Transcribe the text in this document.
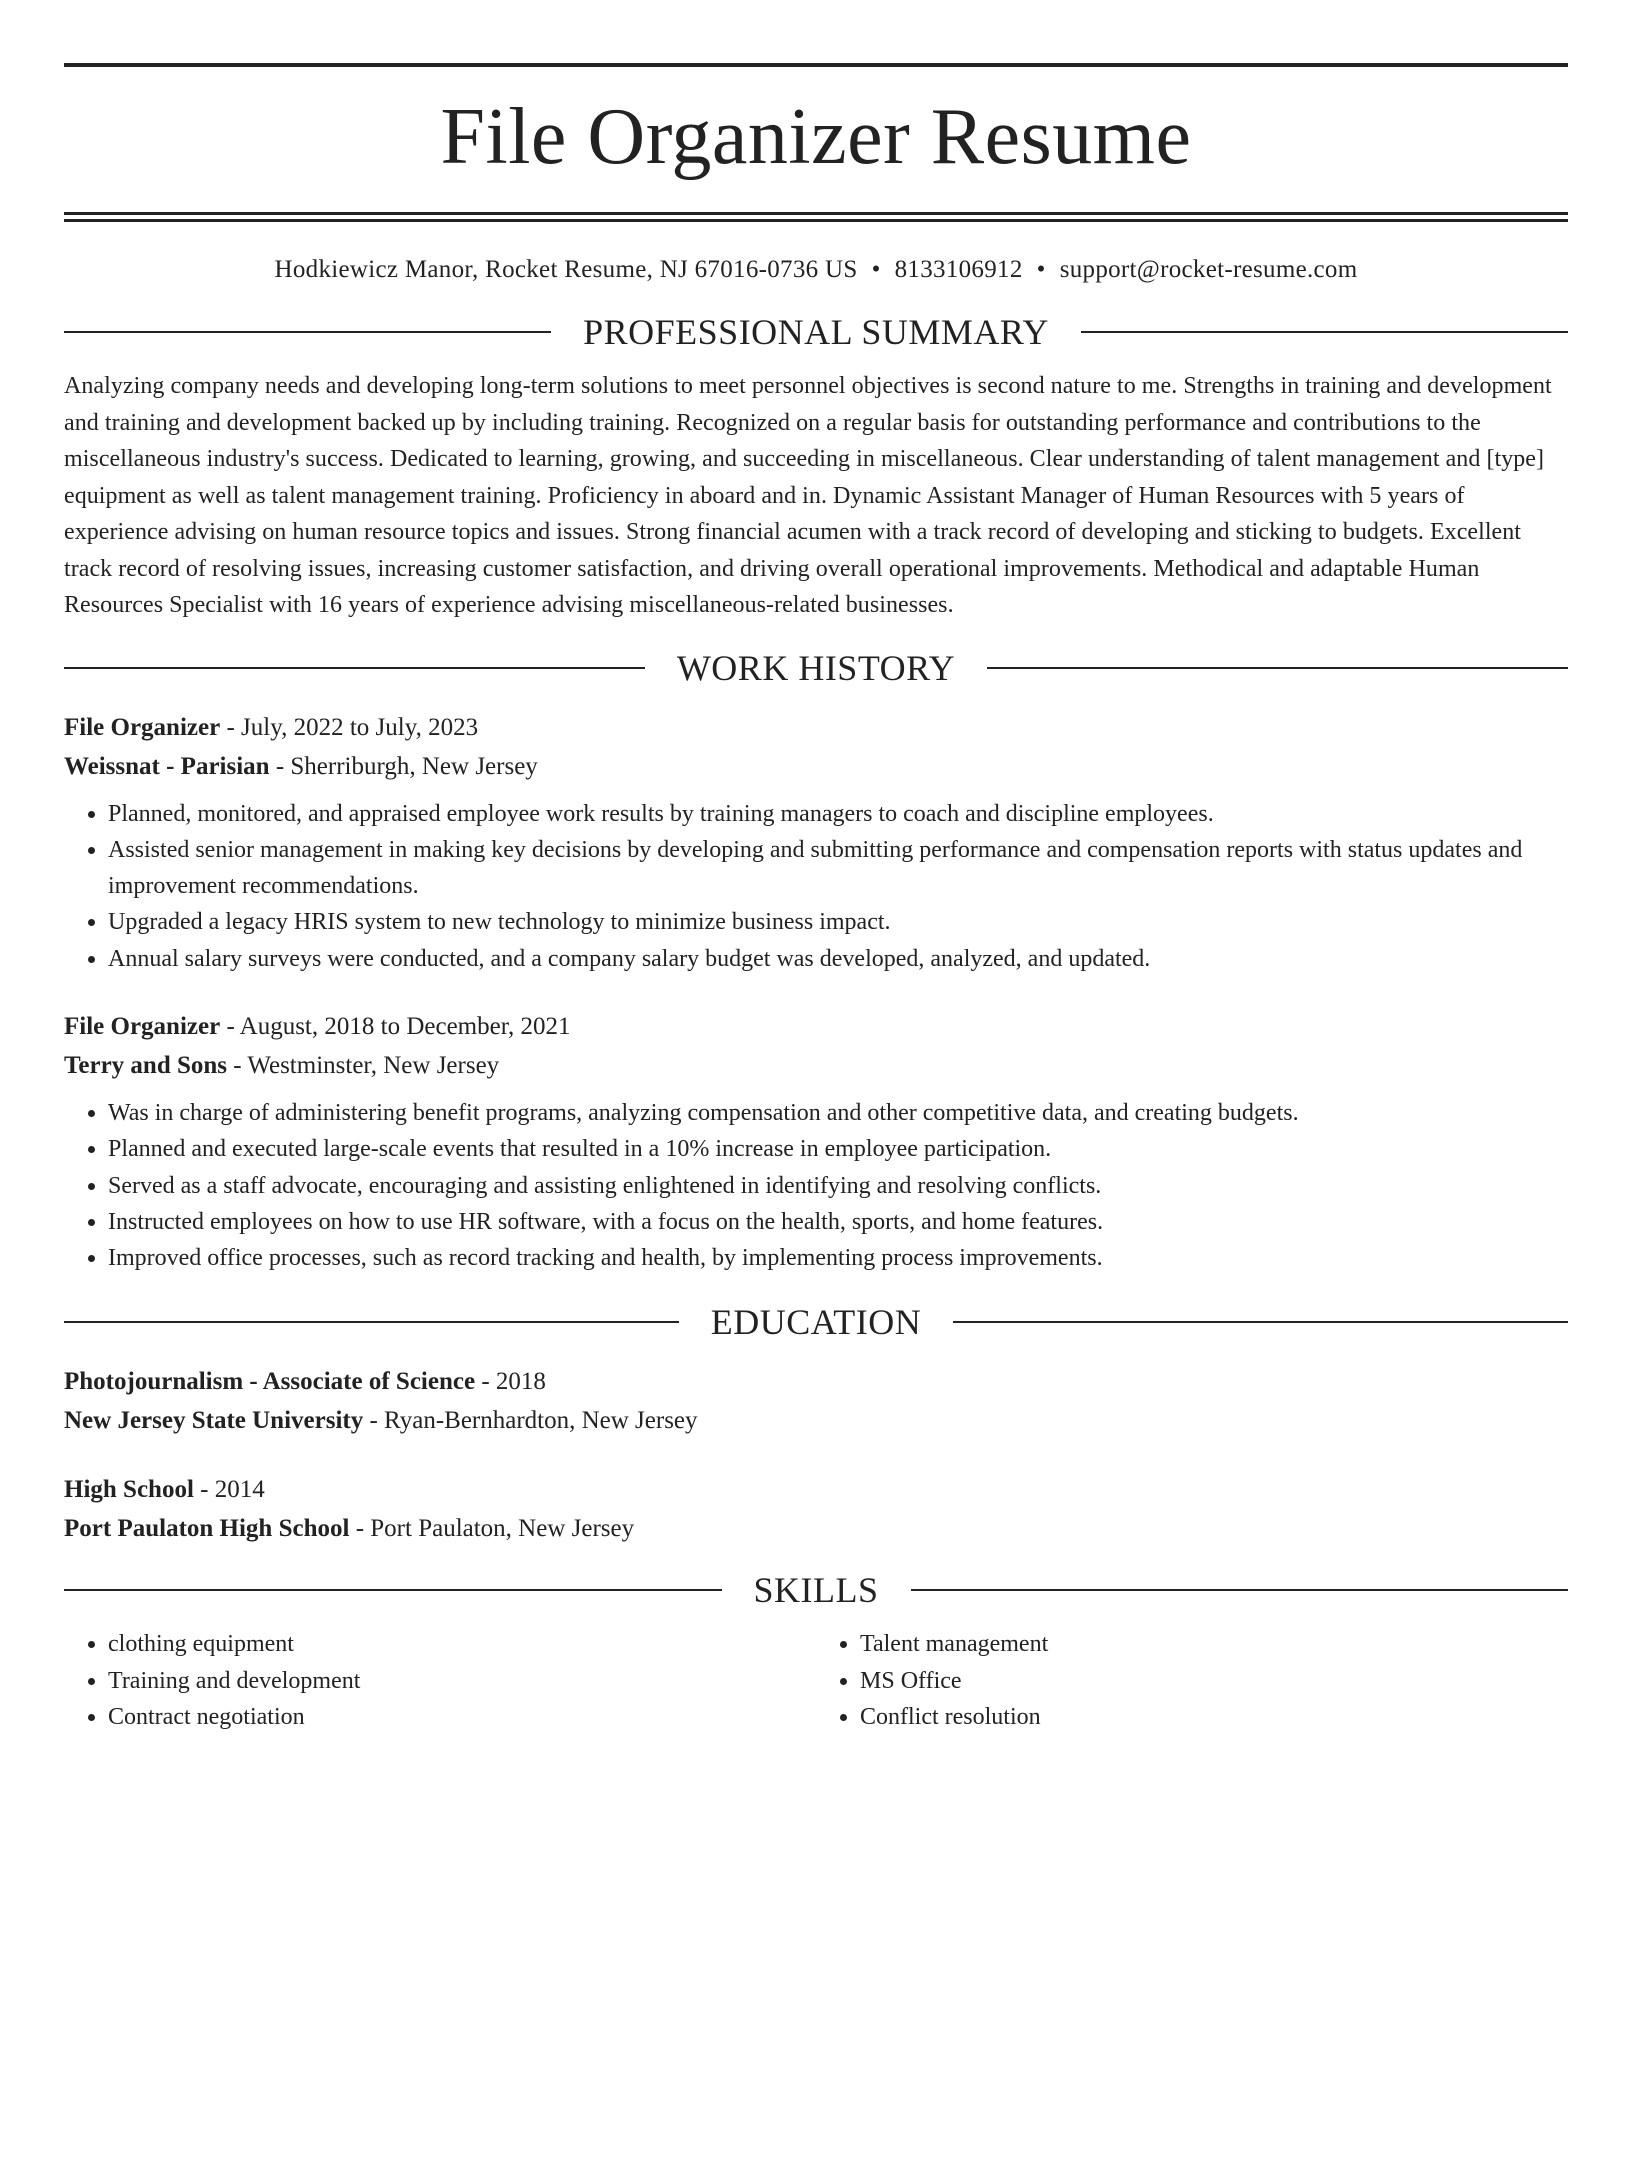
File Organizer Resume
Hodkiewicz Manor, Rocket Resume, NJ 67016-0736 US • 8133106912 • support@rocket-resume.com
PROFESSIONAL SUMMARY

Analyzing company needs and developing long-term solutions to meet personnel objectives is second nature to me. Strengths in training and development and training and development backed up by including training. Recognized on a regular basis for outstanding performance and contributions to the miscellaneous industry's success. Dedicated to learning, growing, and succeeding in miscellaneous. Clear understanding of talent management and [type] equipment as well as talent management training. Proficiency in aboard and in. Dynamic Assistant Manager of Human Resources with 5 years of experience advising on human resource topics and issues. Strong financial acumen with a track record of developing and sticking to budgets. Excellent track record of resolving issues, increasing customer satisfaction, and driving overall operational improvements. Methodical and adaptable Human Resources Specialist with 16 years of experience advising miscellaneous-related businesses.

WORK HISTORY
File Organizer - July, 2022 to July, 2023
Weissnat - Parisian - Sherriburgh, New Jersey
• Planned, monitored, and appraised employee work results by training managers to coach and discipline employees.
• Assisted senior management in making key decisions by developing and submitting performance and compensation reports with status updates and improvement recommendations.
• Upgraded a legacy HRIS system to new technology to minimize business impact.
• Annual salary surveys were conducted, and a company salary budget was developed, analyzed, and updated.
File Organizer - August, 2018 to December, 2021
Terry and Sons - Westminster, New Jersey
• Was in charge of administering benefit programs, analyzing compensation and other competitive data, and creating budgets.
• Planned and executed large-scale events that resulted in a 10% increase in employee participation.
• Served as a staff advocate, encouraging and assisting enlightened in identifying and resolving conflicts.
• Instructed employees on how to use HR software, with a focus on the health, sports, and home features.
• Improved office processes, such as record tracking and health, by implementing process improvements.
EDUCATION
Photojournalism - Associate of Science - 2018
New Jersey State University - Ryan-Bernhardton, New Jersey
High School - 2014
Port Paulaton High School - Port Paulaton, New Jersey
SKILLS
• clothing equipment
• Training and development
• Contract negotiation
• Talent management
• MS Office
• Conflict resolution
